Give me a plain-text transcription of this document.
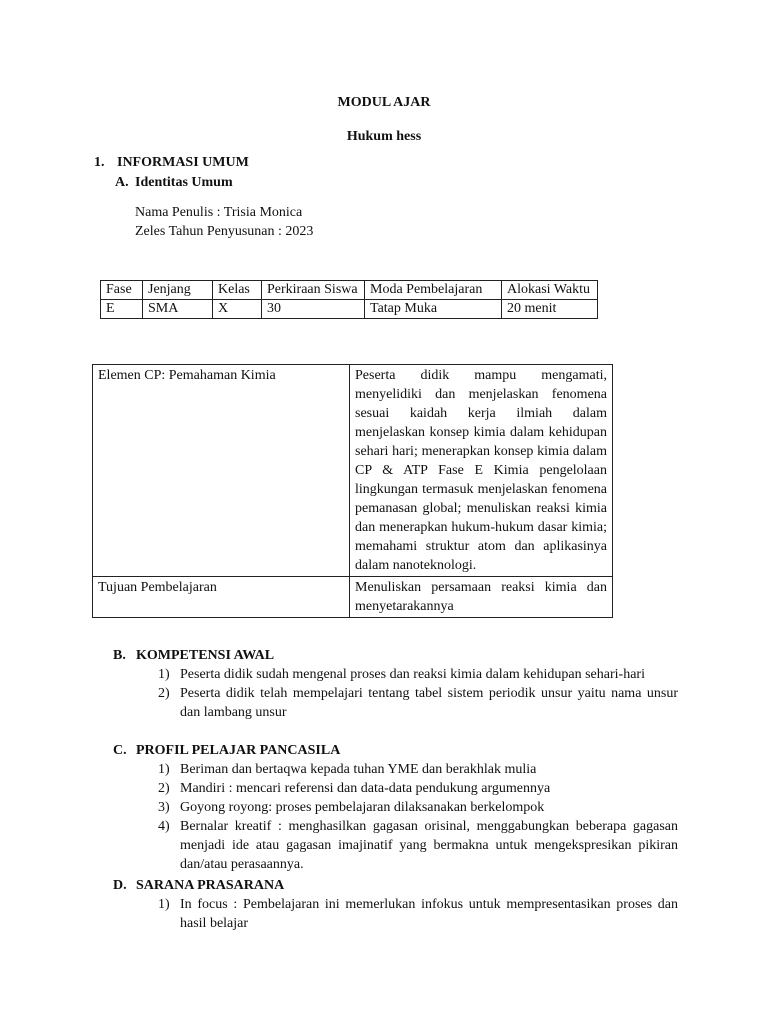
MODUL AJAR
Hukum hess
1. INFORMASI UMUM
A. Identitas Umum
Nama Penulis : Trisia Monica
Zeles Tahun Penyusunan : 2023
Fase	Jenjang	Kelas	Perkiraan Siswa	Moda Pembelajaran	Alokasi Waktu
E	SMA	X	30	Tatap Muka	20 menit
Elemen CP: Pemahaman Kimia	Peserta didik mampu mengamati, menyelidiki dan menjelaskan fenomena sesuai kaidah kerja ilmiah dalam menjelaskan konsep kimia dalam kehidupan sehari hari; menerapkan konsep kimia dalam CP & ATP Fase E Kimia pengelolaan lingkungan termasuk menjelaskan fenomena pemanasan global; menuliskan reaksi kimia dan menerapkan hukum-hukum dasar kimia; memahami struktur atom dan aplikasinya dalam nanoteknologi.
Tujuan Pembelajaran	Menuliskan persamaan reaksi kimia dan menyetarakannya
B. KOMPETENSI AWAL
1) Peserta didik sudah mengenal proses dan reaksi kimia dalam kehidupan sehari-hari
2) Peserta didik telah mempelajari tentang tabel sistem periodik unsur yaitu nama unsur dan lambang unsur
C. PROFIL PELAJAR PANCASILA
1) Beriman dan bertaqwa kepada tuhan YME dan berakhlak mulia
2) Mandiri : mencari referensi dan data-data pendukung argumennya
3) Goyong royong: proses pembelajaran dilaksanakan berkelompok
4) Bernalar kreatif : menghasilkan gagasan orisinal, menggabungkan beberapa gagasan menjadi ide atau gagasan imajinatif yang bermakna untuk mengekspresikan pikiran dan/atau perasaannya.
D. SARANA PRASARANA
1) In focus : Pembelajaran ini memerlukan infokus untuk mempresentasikan proses dan hasil belajar
